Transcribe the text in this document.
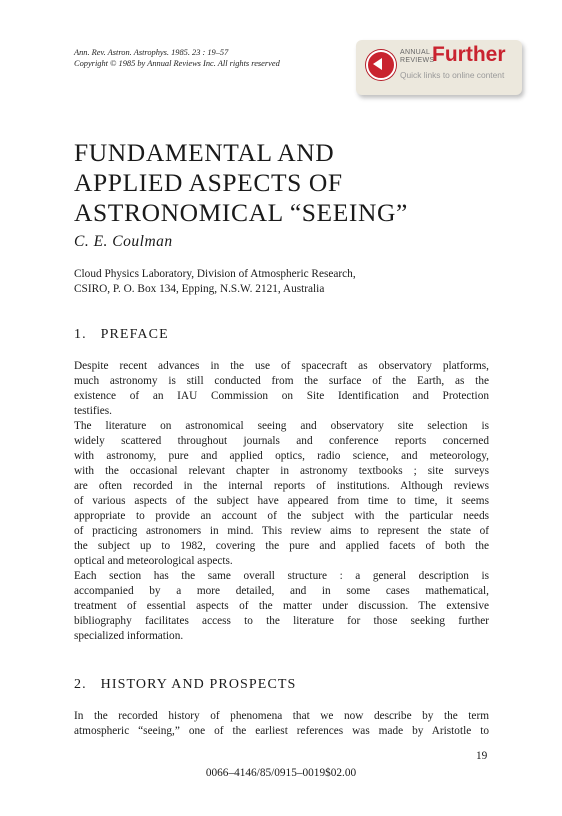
Ann. Rev. Astron. Astrophys. 1985. 23 : 19–57
Copyright © 1985 by Annual Reviews Inc. All rights reserved
ANNUAL
REVIEWS
Further
Quick links to online content
FUNDAMENTAL AND
APPLIED ASPECTS OF
ASTRONOMICAL “SEEING”
C. E. Coulman
Cloud Physics Laboratory, Division of Atmospheric Research,
CSIRO, P. O. Box 134, Epping, N.S.W. 2121, Australia
1. PREFACE
Despite recent advances in the use of spacecraft as observatory platforms,
much astronomy is still conducted from the surface of the Earth, as the
existence of an IAU Commission on Site Identification and Protection
testifies.
The literature on astronomical seeing and observatory site selection is
widely scattered throughout journals and conference reports concerned
with astronomy, pure and applied optics, radio science, and meteorology,
with the occasional relevant chapter in astronomy textbooks ; site surveys
are often recorded in the internal reports of institutions. Although reviews
of various aspects of the subject have appeared from time to time, it seems
appropriate to provide an account of the subject with the particular needs
of practicing astronomers in mind. This review aims to represent the state of
the subject up to 1982, covering the pure and applied facets of both the
optical and meteorological aspects.
Each section has the same overall structure : a general description is
accompanied by a more detailed, and in some cases mathematical,
treatment of essential aspects of the matter under discussion. The extensive
bibliography facilitates access to the literature for those seeking further
specialized information.
2. HISTORY AND PROSPECTS
In the recorded history of phenomena that we now describe by the term
atmospheric “seeing,” one of the earliest references was made by Aristotle to
19
0066–4146/85/0915–0019$02.00
